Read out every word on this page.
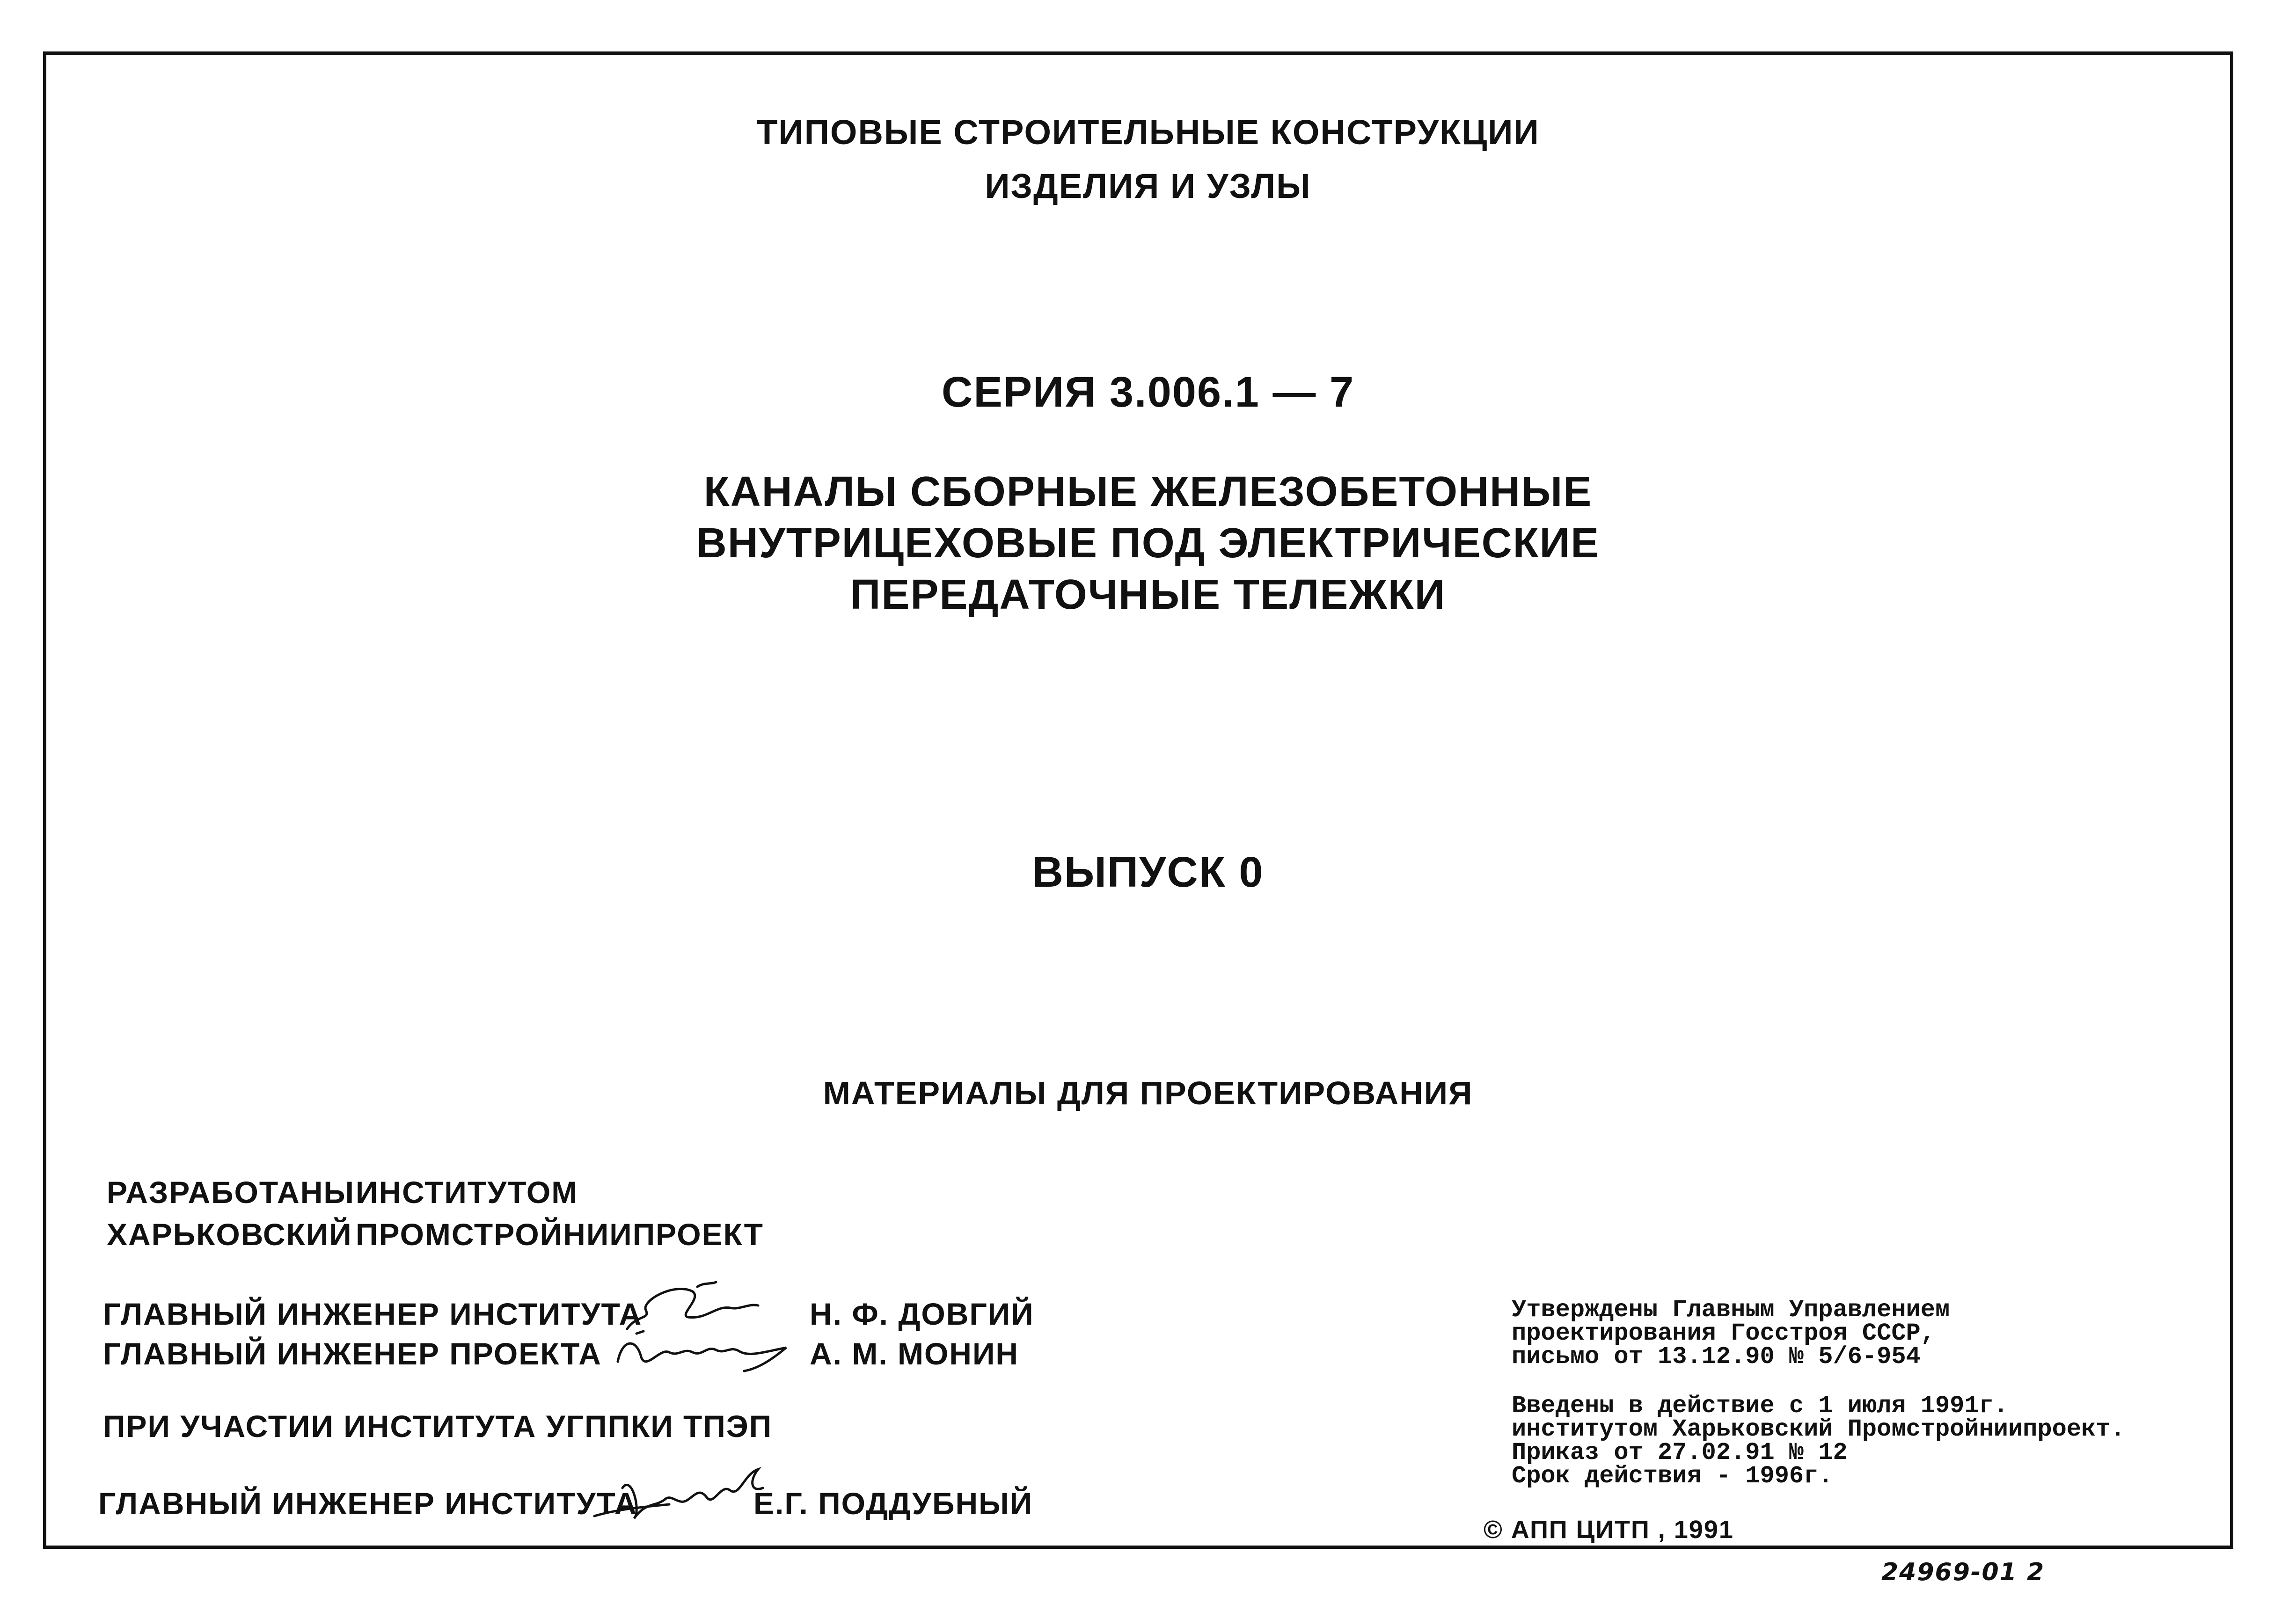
ТИПОВЫЕ СТРОИТЕЛЬНЫЕ КОНСТРУКЦИИ
ИЗДЕЛИЯ И УЗЛЫ
СЕРИЯ 3.006.1 — 7
КАНАЛЫ СБОРНЫЕ ЖЕЛЕЗОБЕТОННЫЕ
ВНУТРИЦЕХОВЫЕ ПОД ЭЛЕКТРИЧЕСКИЕ
ПЕРЕДАТОЧНЫЕ ТЕЛЕЖКИ
ВЫПУСК 0
МАТЕРИАЛЫ ДЛЯ ПРОЕКТИРОВАНИЯ
РАЗРАБОТАНЫ ИНСТИТУТОМ
ХАРЬКОВСКИЙ ПРОМСТРОЙНИИПРОЕКТ
ГЛАВНЫЙ ИНЖЕНЕР ИНСТИТУТА	Н. Ф. ДОВГИЙ
ГЛАВНЫЙ ИНЖЕНЕР ПРОЕКТА	А. М. МОНИН
ПРИ УЧАСТИИ ИНСТИТУТА УГППКИ ТПЭП
ГЛАВНЫЙ ИНЖЕНЕР ИНСТИТУТА	Е.Г. ПОДДУБНЫЙ
Утверждены Главным Управлением
проектирования Госстроя СССР,
письмо от 13.12.90 № 5/6-954
Введены в действие с 1 июля 1991г.
институтом Харьковский Промстройниипроект.
Приказ от 27.02.91 № 12
Срок действия - 1996г.
© АПП ЦИТП , 1991
24969-01 2
